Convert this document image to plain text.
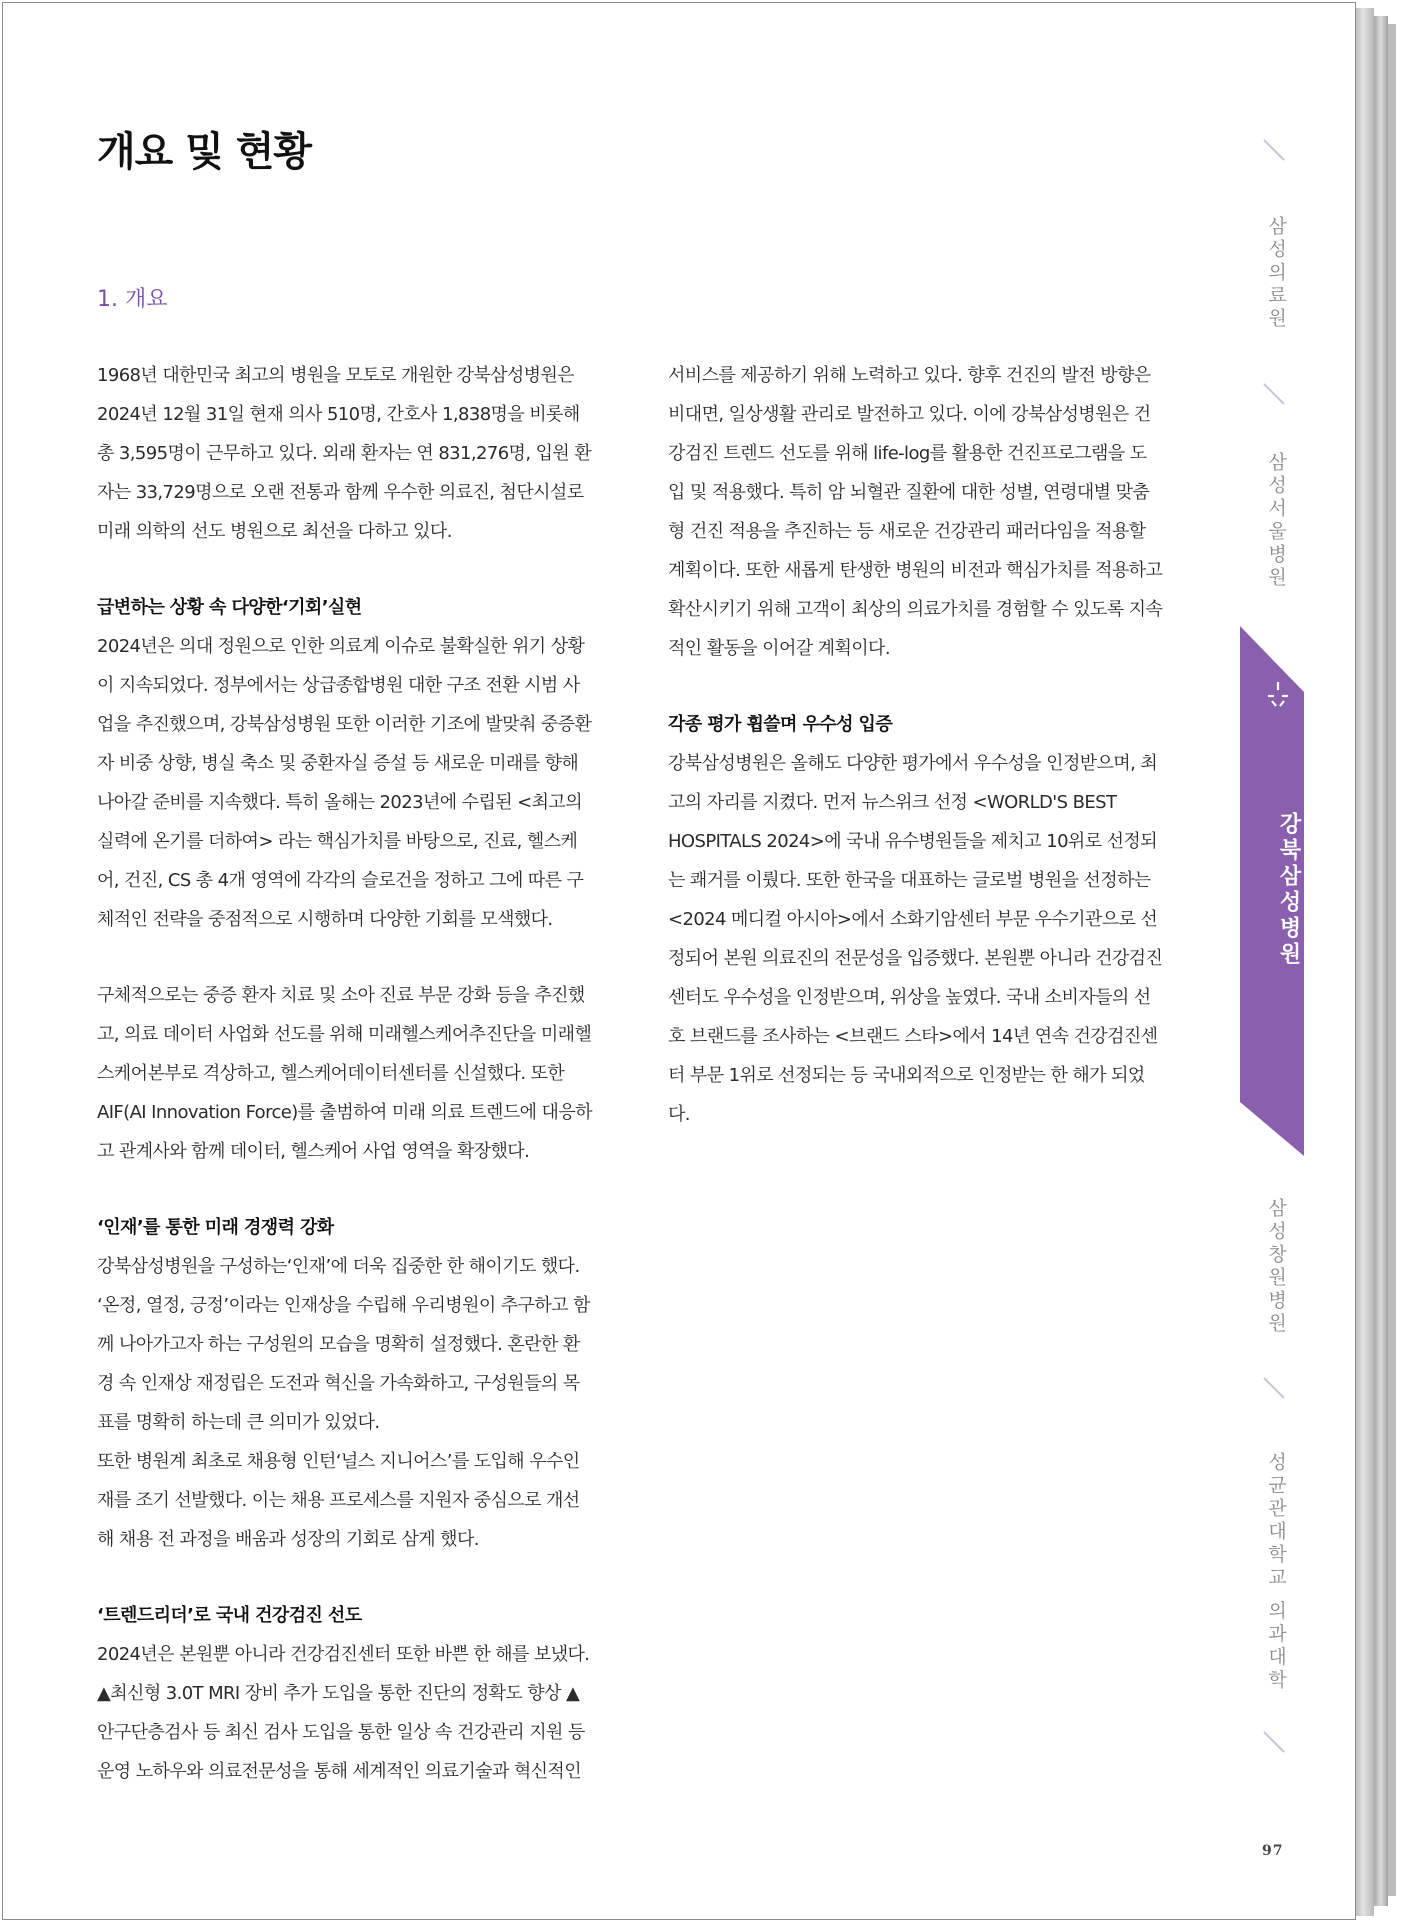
개요 및 현황
1. 개요

1968년 대한민국 최고의 병원을 모토로 개원한 강북삼성병원은 2024년 12월 31일 현재 의사 510명, 간호사 1,838명을 비롯해 총 3,595명이 근무하고 있다. 외래 환자는 연 831,276명, 입원 환자는 33,729명으로 오랜 전통과 함께 우수한 의료진, 첨단시설로 미래 의학의 선도 병원으로 최선을 다하고 있다.

급변하는 상황 속 다양한‘기회’실현

2024년은 의대 정원으로 인한 의료계 이슈로 불확실한 위기 상황이 지속되었다. 정부에서는 상급종합병원 대한 구조 전환 시범 사업을 추진했으며, 강북삼성병원 또한 이러한 기조에 발맞춰 중증환자 비중 상향, 병실 축소 및 중환자실 증설 등 새로운 미래를 향해 나아갈 준비를 지속했다. 특히 올해는 2023년에 수립된 <최고의 실력에 온기를 더하여> 라는 핵심가치를 바탕으로, 진료, 헬스케어, 건진, CS 총 4개 영역에 각각의 슬로건을 정하고 그에 따른 구체적인 전략을 중점적으로 시행하며 다양한 기회를 모색했다.

구체적으로는 중증 환자 치료 및 소아 진료 부문 강화 등을 추진했고, 의료 데이터 사업화 선도를 위해 미래헬스케어추진단을 미래헬스케어본부로 격상하고, 헬스케어데이터센터를 신설했다. 또한 AIF(AI Innovation Force)를 출범하여 미래 의료 트렌드에 대응하고 관계사와 함께 데이터, 헬스케어 사업 영역을 확장했다.

‘인재’를 통한 미래 경쟁력 강화

강북삼성병원을 구성하는‘인재’에 더욱 집중한 한 해이기도 했다. ‘온정, 열정, 긍정’이라는 인재상을 수립해 우리병원이 추구하고 함께 나아가고자 하는 구성원의 모습을 명확히 설정했다. 혼란한 환경 속 인재상 재정립은 도전과 혁신을 가속화하고, 구성원들의 목표를 명확히 하는데 큰 의미가 있었다.

또한 병원계 최초로 채용형 인턴‘널스 지니어스’를 도입해 우수인재를 조기 선발했다. 이는 채용 프로세스를 지원자 중심으로 개선해 채용 전 과정을 배움과 성장의 기회로 삼게 했다.

‘트렌드리더’로 국내 건강검진 선도

2024년은 본원뿐 아니라 건강검진센터 또한 바쁜 한 해를 보냈다. ▲최신형 3.0T MRI 장비 추가 도입을 통한 진단의 정확도 향상 ▲안구단층검사 등 최신 검사 도입을 통한 일상 속 건강관리 지원 등 운영 노하우와 의료전문성을 통해 세계적인 의료기술과 혁신적인

서비스를 제공하기 위해 노력하고 있다. 향후 건진의 발전 방향은 비대면, 일상생활 관리로 발전하고 있다. 이에 강북삼성병원은 건강검진 트렌드 선도를 위해 life-log를 활용한 건진프로그램을 도입 및 적용했다. 특히 암 뇌혈관 질환에 대한 성별, 연령대별 맞춤형 건진 적용을 추진하는 등 새로운 건강관리 패러다임을 적용할 계획이다. 또한 새롭게 탄생한 병원의 비전과 핵심가치를 적용하고 확산시키기 위해 고객이 최상의 의료가치를 경험할 수 있도록 지속적인 활동을 이어갈 계획이다.

각종 평가 휩쓸며 우수성 입증

강북삼성병원은 올해도 다양한 평가에서 우수성을 인정받으며, 최고의 자리를 지켰다. 먼저 뉴스위크 선정 <WORLD'S BEST HOSPITALS 2024>에 국내 유수병원들을 제치고 10위로 선정되는 쾌거를 이뤘다. 또한 한국을 대표하는 글로벌 병원을 선정하는 <2024 메디컬 아시아>에서 소화기암센터 부문 우수기관으로 선정되어 본원 의료진의 전문성을 입증했다. 본원뿐 아니라 건강검진센터도 우수성을 인정받으며, 위상을 높였다. 국내 소비자들의 선호 브랜드를 조사하는 <브랜드 스타>에서 14년 연속 건강검진센터 부문 1위로 선정되는 등 국내외적으로 인정받는 한 해가 되었다.

삼성의료원
삼성서울병원
강북삼성병원
삼성창원병원
성균관대학교 의과대학
97
